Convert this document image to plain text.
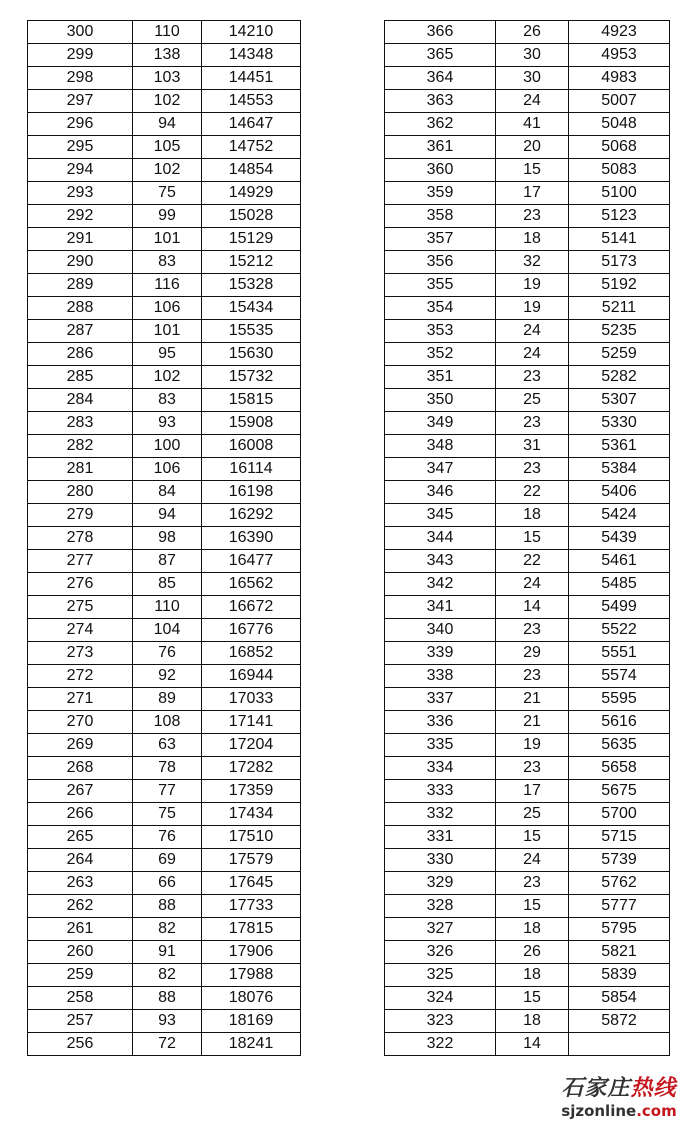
300	110	14210
299	138	14348
298	103	14451
297	102	14553
296	94	14647
295	105	14752
294	102	14854
293	75	14929
292	99	15028
291	101	15129
290	83	15212
289	116	15328
288	106	15434
287	101	15535
286	95	15630
285	102	15732
284	83	15815
283	93	15908
282	100	16008
281	106	16114
280	84	16198
279	94	16292
278	98	16390
277	87	16477
276	85	16562
275	110	16672
274	104	16776
273	76	16852
272	92	16944
271	89	17033
270	108	17141
269	63	17204
268	78	17282
267	77	17359
266	75	17434
265	76	17510
264	69	17579
263	66	17645
262	88	17733
261	82	17815
260	91	17906
259	82	17988
258	88	18076
257	93	18169
256	72	18241
366	26	4923
365	30	4953
364	30	4983
363	24	5007
362	41	5048
361	20	5068
360	15	5083
359	17	5100
358	23	5123
357	18	5141
356	32	5173
355	19	5192
354	19	5211
353	24	5235
352	24	5259
351	23	5282
350	25	5307
349	23	5330
348	31	5361
347	23	5384
346	22	5406
345	18	5424
344	15	5439
343	22	5461
342	24	5485
341	14	5499
340	23	5522
339	29	5551
338	23	5574
337	21	5595
336	21	5616
335	19	5635
334	23	5658
333	17	5675
332	25	5700
331	15	5715
330	24	5739
329	23	5762
328	15	5777
327	18	5795
326	26	5821
325	18	5839
324	15	5854
323	18	5872
322	14	
石家庄热线
sjzonline.com
